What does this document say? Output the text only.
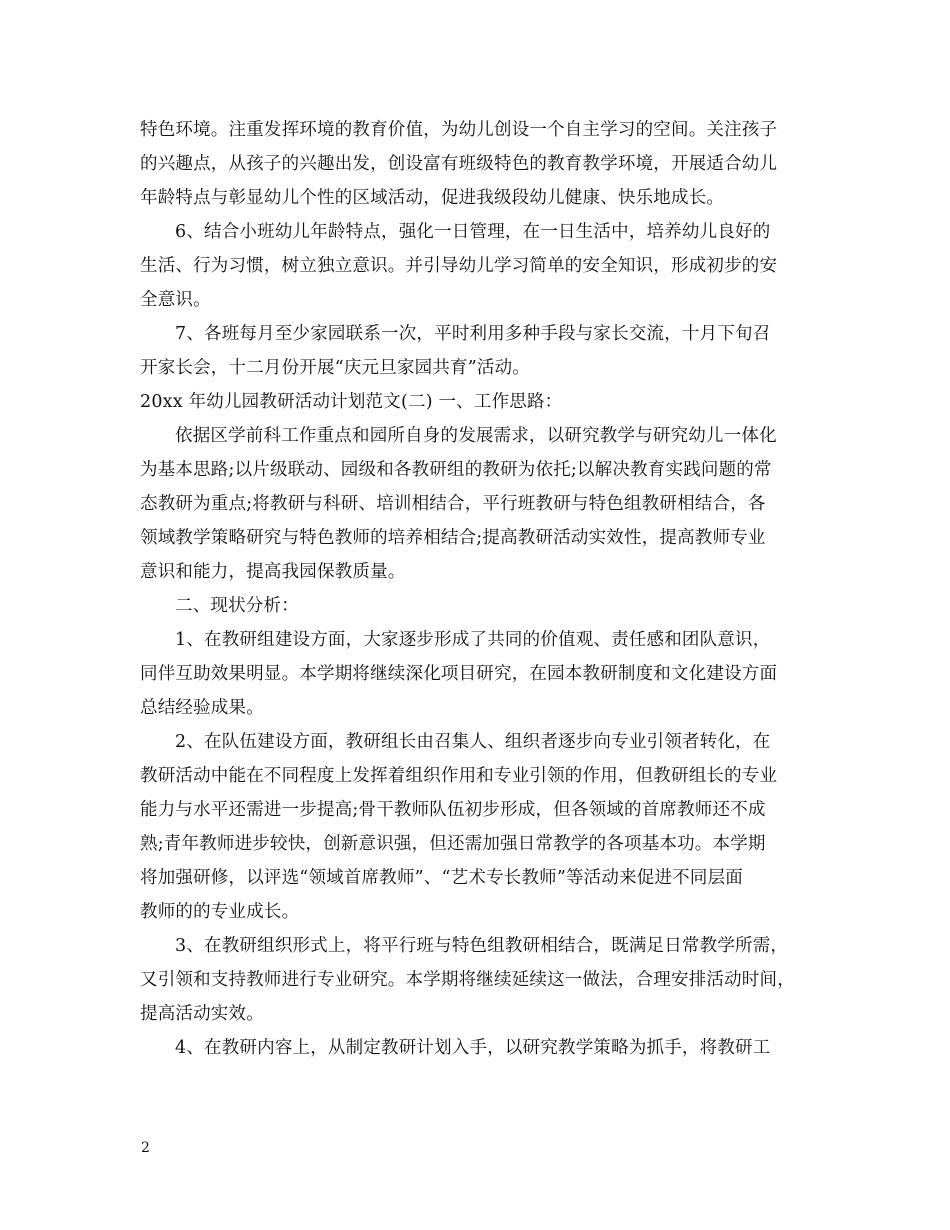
特色环境。注重发挥环境的教育价值，为幼儿创设一个自主学习的空间。关注孩子
的兴趣点，从孩子的兴趣出发，创设富有班级特色的教育教学环境，开展适合幼儿
年龄特点与彰显幼儿个性的区域活动，促进我级段幼儿健康、快乐地成长。
6、结合小班幼儿年龄特点，强化一日管理，在一日生活中，培养幼儿良好的
生活、行为习惯，树立独立意识。并引导幼儿学习简单的安全知识，形成初步的安
全意识。
7、各班每月至少家园联系一次，平时利用多种手段与家长交流，十月下旬召
开家长会，十二月份开展“庆元旦家园共育”活动。
20xx 年幼儿园教研活动计划范文(二) 一、工作思路：
依据区学前科工作重点和园所自身的发展需求，以研究教学与研究幼儿一体化
为基本思路;以片级联动、园级和各教研组的教研为依托;以解决教育实践问题的常
态教研为重点;将教研与科研、培训相结合，平行班教研与特色组教研相结合，各
领域教学策略研究与特色教师的培养相结合;提高教研活动实效性，提高教师专业
意识和能力，提高我园保教质量。
二、现状分析：
1、在教研组建设方面，大家逐步形成了共同的价值观、责任感和团队意识，
同伴互助效果明显。本学期将继续深化项目研究，在园本教研制度和文化建设方面
总结经验成果。
2、在队伍建设方面，教研组长由召集人、组织者逐步向专业引领者转化，在
教研活动中能在不同程度上发挥着组织作用和专业引领的作用，但教研组长的专业
能力与水平还需进一步提高;骨干教师队伍初步形成，但各领域的首席教师还不成
熟;青年教师进步较快，创新意识强，但还需加强日常教学的各项基本功。本学期
将加强研修，以评选“领域首席教师”、“艺术专长教师”等活动来促进不同层面
教师的的专业成长。
3、在教研组织形式上，将平行班与特色组教研相结合，既满足日常教学所需，
又引领和支持教师进行专业研究。本学期将继续延续这一做法，合理安排活动时间，
提高活动实效。
4、在教研内容上，从制定教研计划入手，以研究教学策略为抓手，将教研工
2
